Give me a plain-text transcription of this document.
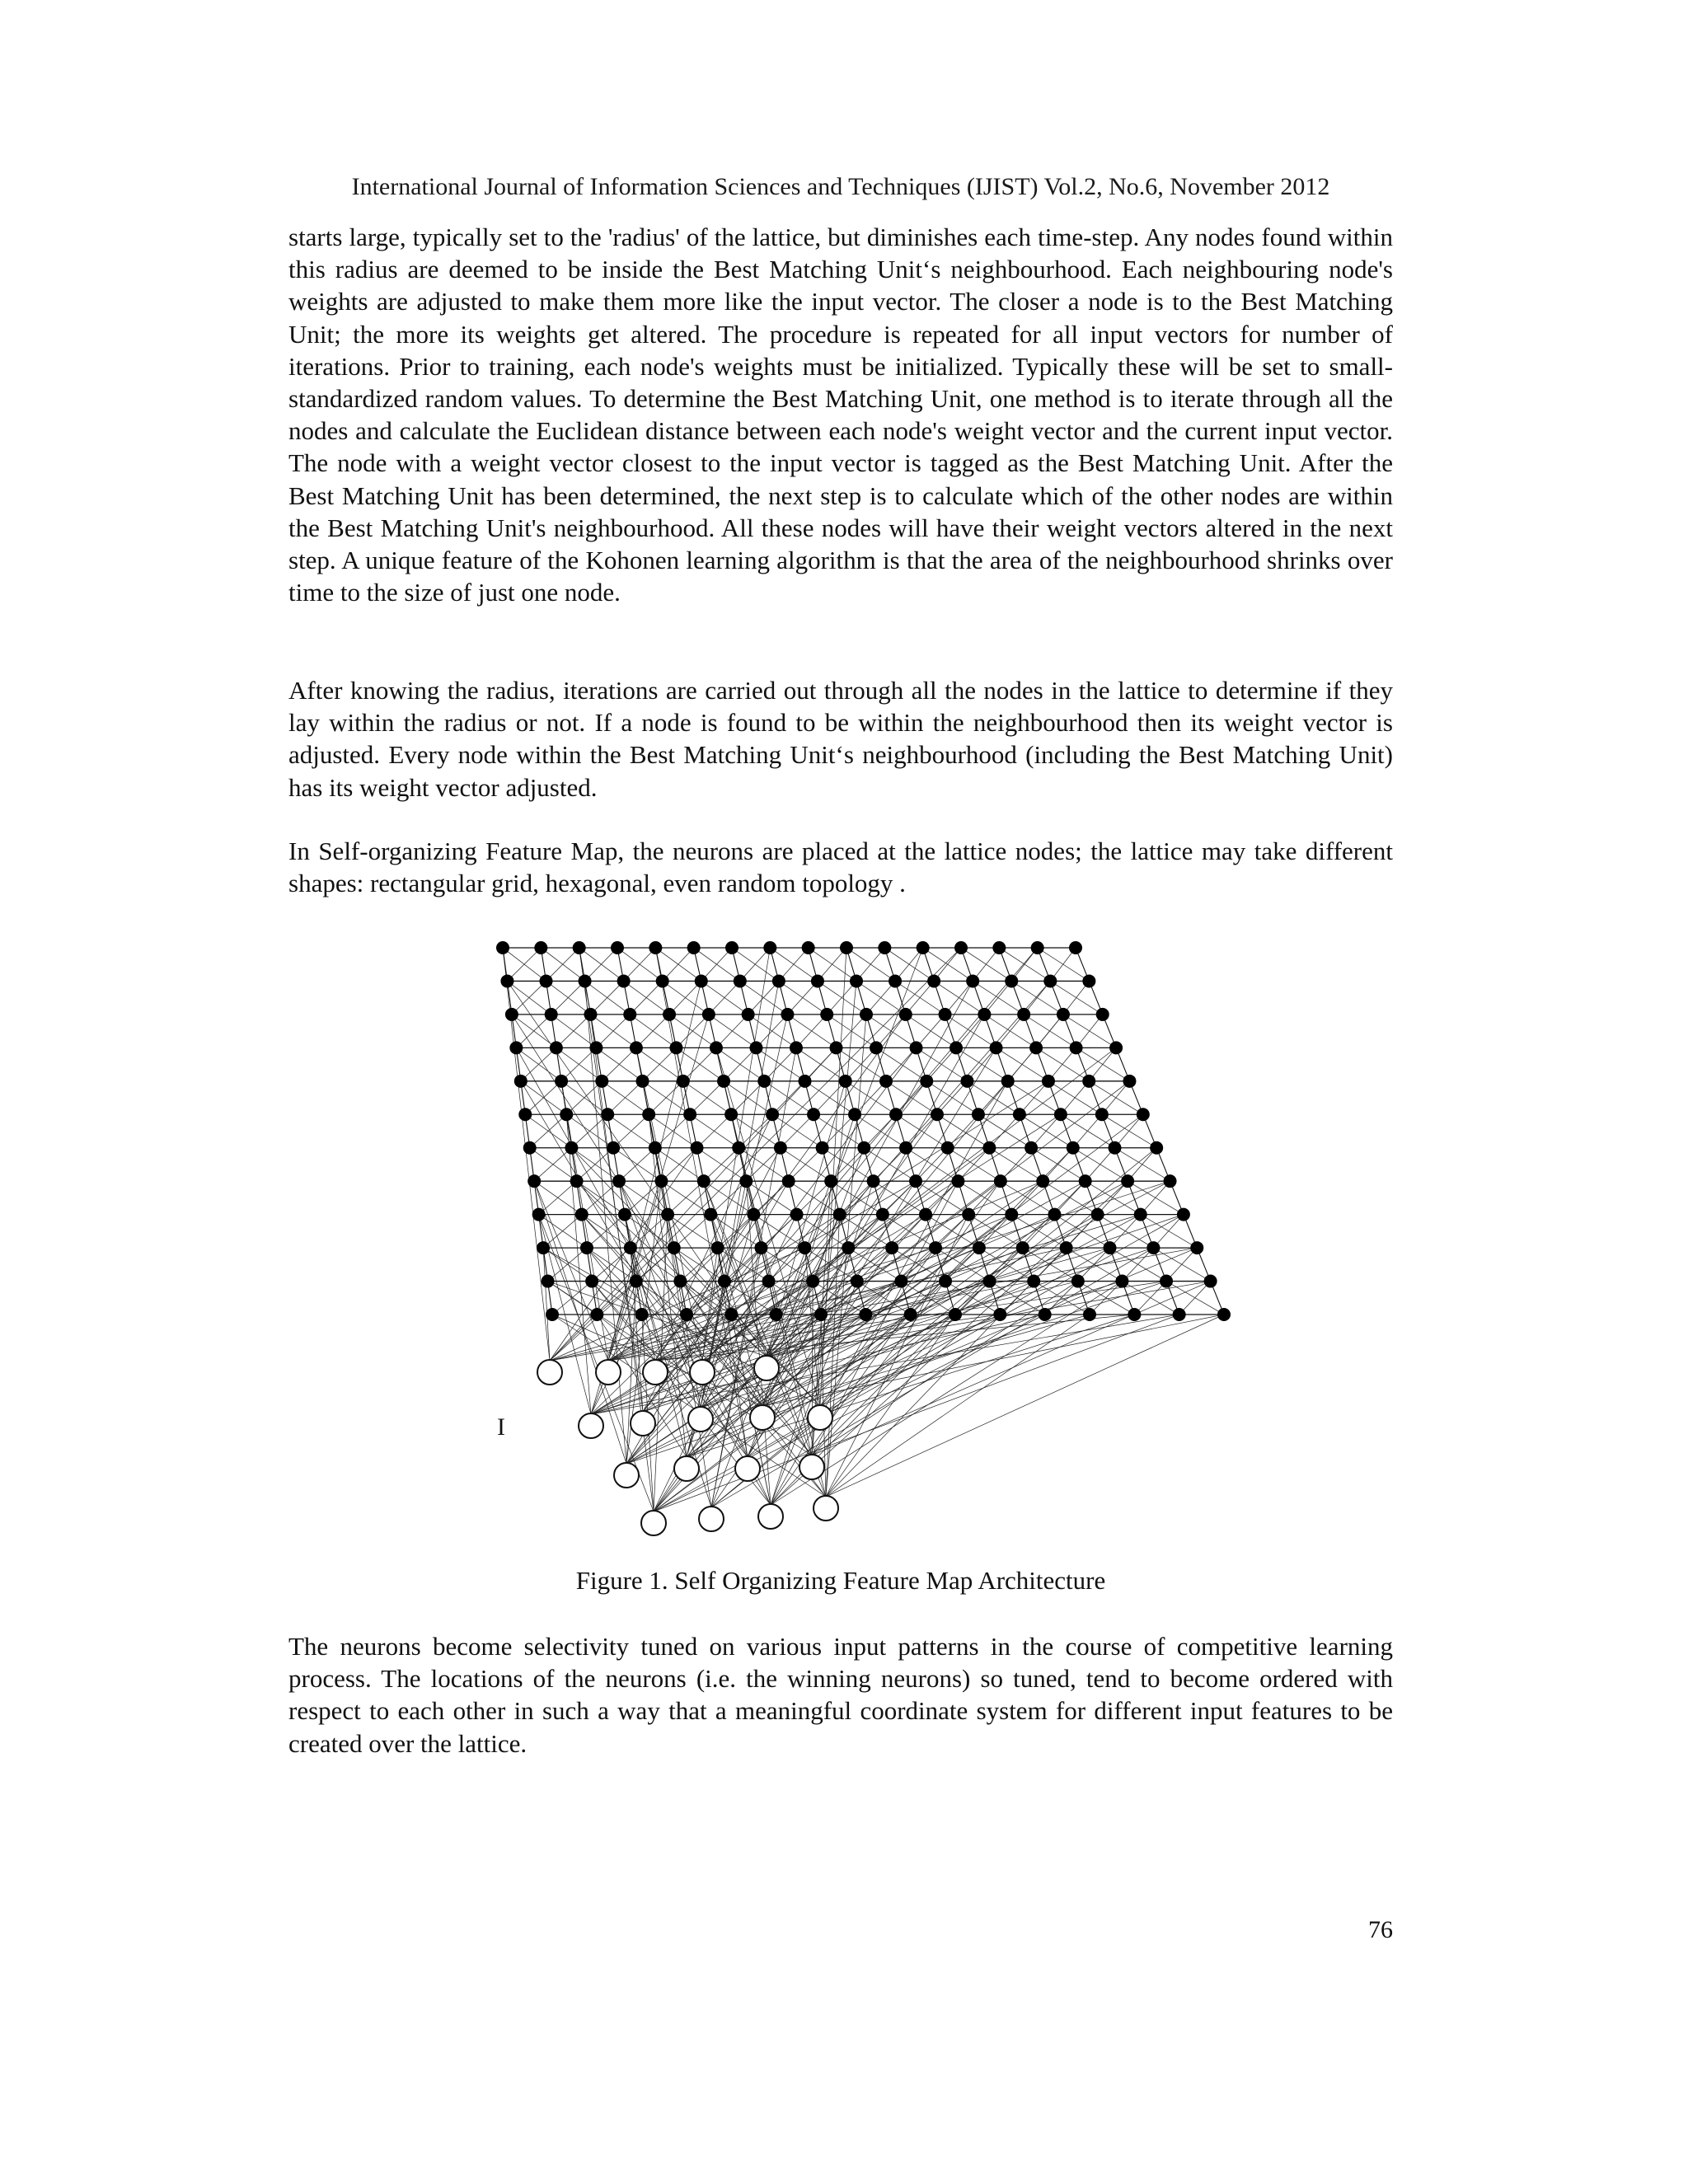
International Journal of Information Sciences and Techniques (IJIST) Vol.2, No.6, November 2012

starts large, typically set to the 'radius' of the lattice, but diminishes each time-step. Any nodes found within this radius are deemed to be inside the Best Matching Unit‘s neighbourhood. Each neighbouring node's weights are adjusted to make them more like the input vector. The closer a node is to the Best Matching Unit; the more its weights get altered. The procedure is repeated for all input vectors for number of iterations. Prior to training, each node's weights must be initialized. Typically these will be set to small-standardized random values. To determine the Best Matching Unit, one method is to iterate through all the nodes and calculate the Euclidean distance between each node's weight vector and the current input vector. The node with a weight vector closest to the input vector is tagged as the Best Matching Unit. After the Best Matching Unit has been determined, the next step is to calculate which of the other nodes are within the Best Matching Unit's neighbourhood. All these nodes will have their weight vectors altered in the next step. A unique feature of the Kohonen learning algorithm is that the area of the neighbourhood shrinks over time to the size of just one node.

After knowing the radius, iterations are carried out through all the nodes in the lattice to determine if they lay within the radius or not. If a node is found to be within the neighbourhood then its weight vector is adjusted. Every node within the Best Matching Unit‘s neighbourhood (including the Best Matching Unit) has its weight vector adjusted.

In Self-organizing Feature Map, the neurons are placed at the lattice nodes; the lattice may take different shapes: rectangular grid, hexagonal, even random topology .

I
Figure 1. Self Organizing Feature Map Architecture

The neurons become selectivity tuned on various input patterns in the course of competitive learning process. The locations of the neurons (i.e. the winning neurons) so tuned, tend to become ordered with respect to each other in such a way that a meaningful coordinate system for different input features to be created over the lattice.

76
